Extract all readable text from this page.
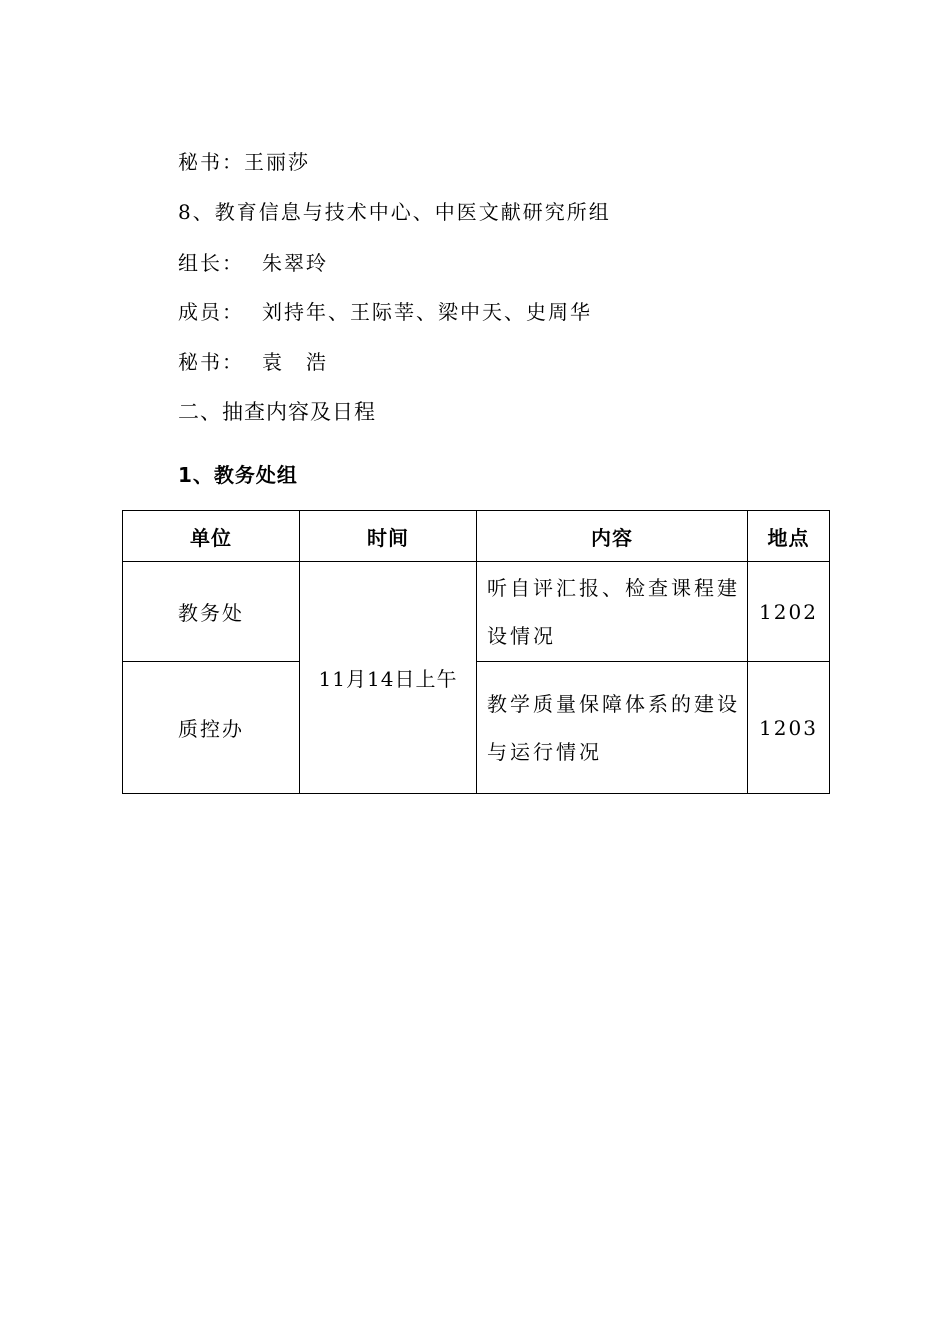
秘书：王丽莎
8、教育信息与技术中心、中医文献研究所组
组长： 朱翠玲
成员： 刘持年、王际莘、梁中天、史周华
秘书： 袁　浩
二、抽查内容及日程
1、教务处组
单位	时间	内容	地点
教务处	11月14日上午	听自评汇报、检查课程建设情况	1202
质控办		教学质量保障体系的建设与运行情况	1203
